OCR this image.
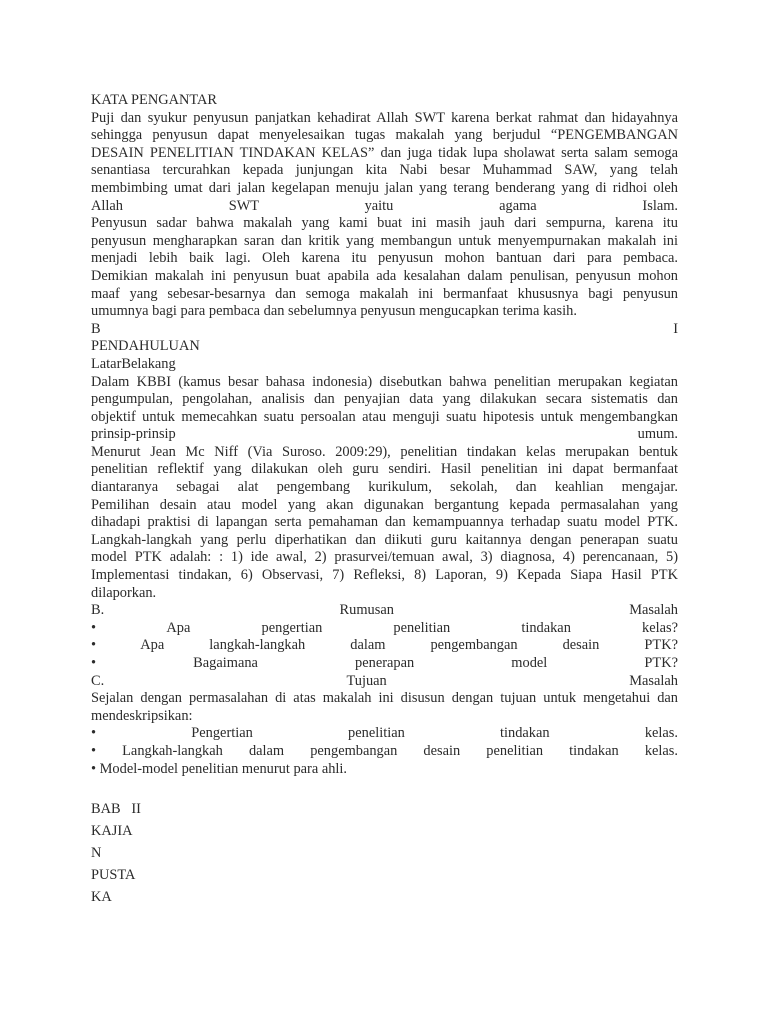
KATA PENGANTAR
Puji dan syukur penyusun panjatkan kehadirat Allah SWT karena berkat rahmat dan hidayahnya
sehingga penyusun dapat menyelesaikan tugas makalah yang berjudul “PENGEMBANGAN
DESAIN PENELITIAN TINDAKAN KELAS” dan juga tidak lupa sholawat serta salam semoga
senantiasa tercurahkan kepada junjungan kita Nabi besar Muhammad SAW, yang telah
membimbing umat dari jalan kegelapan menuju jalan yang terang benderang yang di ridhoi oleh
Allah SWT yaitu agama Islam.
Penyusun sadar bahwa makalah yang kami buat ini masih jauh dari sempurna, karena itu
penyusun mengharapkan saran dan kritik yang membangun untuk menyempurnakan makalah ini
menjadi lebih baik lagi. Oleh karena itu penyusun mohon bantuan dari para pembaca.
Demikian makalah ini penyusun buat apabila ada kesalahan dalam penulisan, penyusun mohon
maaf yang sebesar-besarnya dan semoga makalah ini bermanfaat khususnya bagi penyusun
umumnya bagi para pembaca dan sebelumnya penyusun mengucapkan terima kasih.
B I
PENDAHULUAN
LatarBelakang
Dalam KBBI (kamus besar bahasa indonesia) disebutkan bahwa penelitian merupakan kegiatan
pengumpulan, pengolahan, analisis dan penyajian data yang dilakukan secara sistematis dan
objektif untuk memecahkan suatu persoalan atau menguji suatu hipotesis untuk mengembangkan
prinsip-prinsip umum.
Menurut Jean Mc Niff (Via Suroso. 2009:29), penelitian tindakan kelas merupakan bentuk
penelitian reflektif yang dilakukan oleh guru sendiri. Hasil penelitian ini dapat bermanfaat
diantaranya sebagai alat pengembang kurikulum, sekolah, dan keahlian mengajar.
Pemilihan desain atau model yang akan digunakan bergantung kepada permasalahan yang
dihadapi praktisi di lapangan serta pemahaman dan kemampuannya terhadap suatu model PTK.
Langkah-langkah yang perlu diperhatikan dan diikuti guru kaitannya dengan penerapan suatu
model PTK adalah: : 1) ide awal, 2) prasurvei/temuan awal, 3) diagnosa, 4) perencanaan, 5)
Implementasi tindakan, 6) Observasi, 7) Refleksi, 8) Laporan, 9) Kepada Siapa Hasil PTK
dilaporkan.
B. Rumusan Masalah
• Apa pengertian penelitian tindakan kelas?
• Apa langkah-langkah dalam pengembangan desain PTK?
• Bagaimana penerapan model PTK?
C. Tujuan Masalah
Sejalan dengan permasalahan di atas makalah ini disusun dengan tujuan untuk mengetahui dan
mendeskripsikan:
• Pengertian penelitian tindakan kelas.
• Langkah-langkah dalam pengembangan desain penelitian tindakan kelas.
• Model-model penelitian menurut para ahli.
BAB   II
KAJIA
N
PUSTA
KA
